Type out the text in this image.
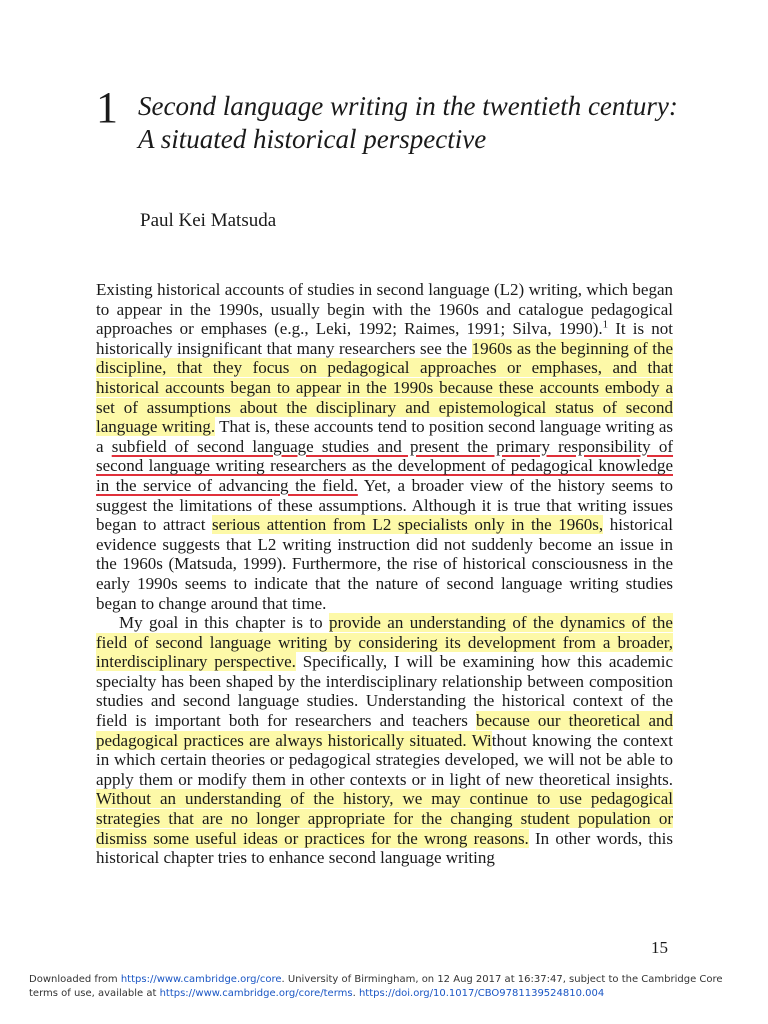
1 Second language writing in the twentieth century: A situated historical perspective
Paul Kei Matsuda

Existing historical accounts of studies in second language (L2) writing, which began to appear in the 1990s, usually begin with the 1960s and catalogue pedagogical approaches or emphases (e.g., Leki, 1992; Raimes, 1991; Silva, 1990).$^1$ It is not historically insignificant that many researchers see the 1960s as the beginning of the discipline, that they focus on pedagogical approaches or emphases, and that historical accounts began to appear in the 1990s because these accounts embody a set of assumptions about the disciplinary and epistemological status of second language writing. That is, these accounts tend to position second language writing as a subfield of second language studies and present the primary responsibility of second language writing researchers as the development of pedagogical knowledge in the service of advancing the field. Yet, a broader view of the history seems to suggest the limitations of these assumptions. Although it is true that writing issues began to attract serious attention from L2 specialists only in the 1960s, historical evidence suggests that L2 writing instruction did not suddenly become an issue in the 1960s (Matsuda, 1999). Furthermore, the rise of historical consciousness in the early 1990s seems to indicate that the nature of second language writing studies began to change around that time.

My goal in this chapter is to provide an understanding of the dynamics of the field of second language writing by considering its development from a broader, interdisciplinary perspective. Specifically, I will be examining how this academic specialty has been shaped by the interdisciplinary relationship between composition studies and second language studies. Understanding the historical context of the field is important both for researchers and teachers because our theoretical and pedagogical practices are always historically situated. Without knowing the context in which certain theories or pedagogical strategies developed, we will not be able to apply them or modify them in other contexts or in light of new theoretical insights. Without an understanding of the history, we may continue to use pedagogical strategies that are no longer appropriate for the changing student population or dismiss some useful ideas or practices for the wrong reasons. In other words, this historical chapter tries to enhance second language writing

15
Downloaded from https://www.cambridge.org/core. University of Birmingham, on 12 Aug 2017 at 16:37:47, subject to the Cambridge Core terms of use, available at https://www.cambridge.org/core/terms. https://doi.org/10.1017/CBO9781139524810.004
